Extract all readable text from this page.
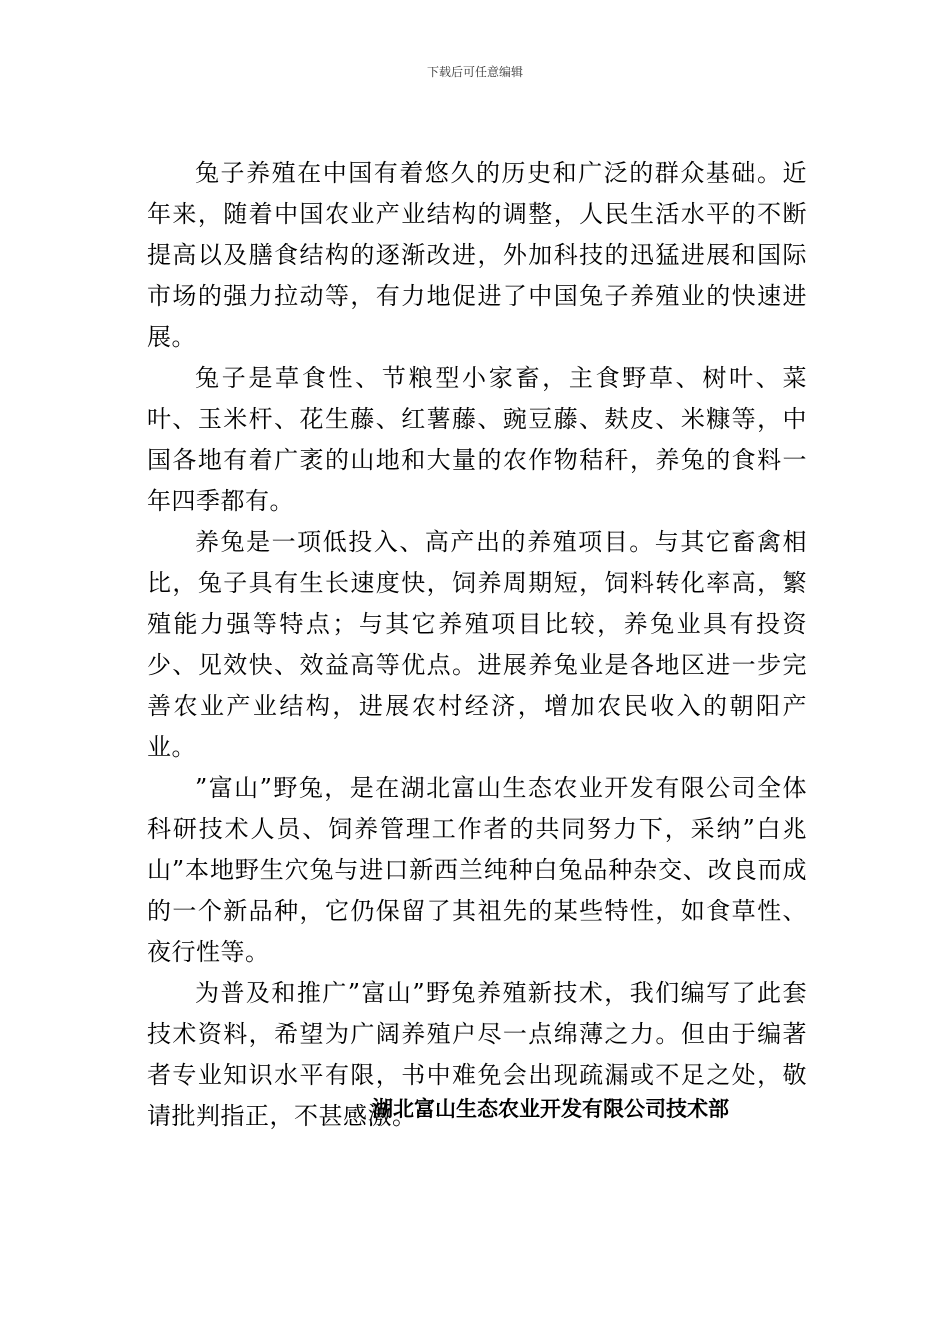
下载后可任意编辑

兔子养殖在中国有着悠久的历史和广泛的群众基础。近年来，随着中国农业产业结构的调整，人民生活水平的不断提高以及膳食结构的逐渐改进，外加科技的迅猛进展和国际市场的强力拉动等，有力地促进了中国兔子养殖业的快速进展。

兔子是草食性、节粮型小家畜，主食野草、树叶、菜叶、玉米杆、花生藤、红薯藤、豌豆藤、麸皮、米糠等，中国各地有着广袤的山地和大量的农作物秸秆，养兔的食料一年四季都有。

养兔是一项低投入、高产出的养殖项目。与其它畜禽相比，兔子具有生长速度快，饲养周期短，饲料转化率高，繁殖能力强等特点；与其它养殖项目比较，养兔业具有投资少、见效快、效益高等优点。进展养兔业是各地区进一步完善农业产业结构，进展农村经济，增加农民收入的朝阳产业。

”富山”野兔，是在湖北富山生态农业开发有限公司全体科研技术人员、饲养管理工作者的共同努力下，采纳”白兆山”本地野生穴兔与进口新西兰纯种白兔品种杂交、改良而成的一个新品种，它仍保留了其祖先的某些特性，如食草性、夜行性等。

为普及和推广”富山”野兔养殖新技术，我们编写了此套技术资料，希望为广阔养殖户尽一点绵薄之力。但由于编著者专业知识水平有限，书中难免会出现疏漏或不足之处，敬请批判指正，不甚感激。

湖北富山生态农业开发有限公司技术部
